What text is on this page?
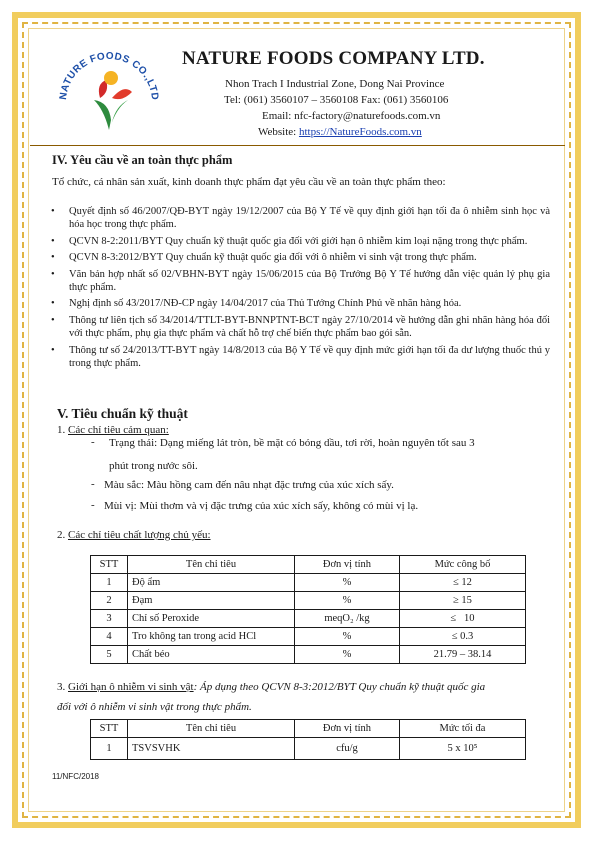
NATURE FOODS CO.,LTD
NATURE FOODS COMPANY LTD.
Nhon Trach I Industrial Zone, Dong Nai Province
Tel: (061) 3560107 – 3560108 Fax: (061) 3560106
Email: nfc-factory@naturefoods.com.vn
Website: https://NatureFoods.com.vn
IV. Yêu cầu về an toàn thực phẩm
Tổ chức, cá nhân sản xuất, kinh doanh thực phẩm đạt yêu cầu về an toàn thực phẩm theo:
• Quyết định số 46/2007/QĐ-BYT ngày 19/12/2007 của Bộ Y Tế về quy định giới hạn tối đa ô nhiễm sinh học và hóa học trong thực phẩm.
• QCVN 8-2:2011/BYT Quy chuẩn kỹ thuật quốc gia đối với giới hạn ô nhiễm kim loại nặng trong thực phẩm.
• QCVN 8-3:2012/BYT Quy chuẩn kỹ thuật quốc gia đối với ô nhiễm vi sinh vật trong thực phẩm.
• Văn bản hợp nhất số 02/VBHN-BYT ngày 15/06/2015 của Bộ Trưởng Bộ Y Tế hướng dẫn việc quản lý phụ gia thực phẩm.
• Nghị định số 43/2017/NĐ-CP ngày 14/04/2017 của Thủ Tướng Chính Phủ về nhãn hàng hóa.
• Thông tư liên tịch số 34/2014/TTLT-BYT-BNNPTNT-BCT ngày 27/10/2014 về hướng dẫn ghi nhãn hàng hóa đối với thực phẩm, phụ gia thực phẩm và chất hỗ trợ chế biến thực phẩm bao gói sẵn.
• Thông tư số 24/2013/TT-BYT ngày 14/8/2013 của Bộ Y Tế về quy định mức giới hạn tối đa dư lượng thuốc thú y trong thực phẩm.
V. Tiêu chuẩn kỹ thuật
1. Các chỉ tiêu cảm quan:
- Trạng thái: Dạng miếng lát tròn, bề mặt có bóng dầu, tơi rời, hoàn nguyên tốt sau 3
phút trong nước sôi.
- Màu sắc: Màu hồng cam đến nâu nhạt đặc trưng của xúc xích sấy.
- Mùi vị: Mùi thơm và vị đặc trưng của xúc xích sấy, không có mùi vị lạ.
2. Các chỉ tiêu chất lượng chủ yếu:
STT	Tên chỉ tiêu	Đơn vị tính	Mức công bố
1	Độ ẩm	%	≤ 12
2	Đạm	%	≥ 15
3	Chỉ số Peroxide	meqO₂ /kg	≤   10
4	Tro không tan trong acid HCl	%	≤ 0.3
5	Chất béo	%	21.79 – 38.14
3. Giới hạn ô nhiễm vi sinh vật: Áp dụng theo QCVN 8-3:2012/BYT Quy chuẩn kỹ thuật quốc gia
đối với ô nhiễm vi sinh vật trong thực phẩm.
STT	Tên chỉ tiêu	Đơn vị tính	Mức tối đa
1	TSVSVHK	cfu/g	5 x 10⁵
11/NFC/2018
